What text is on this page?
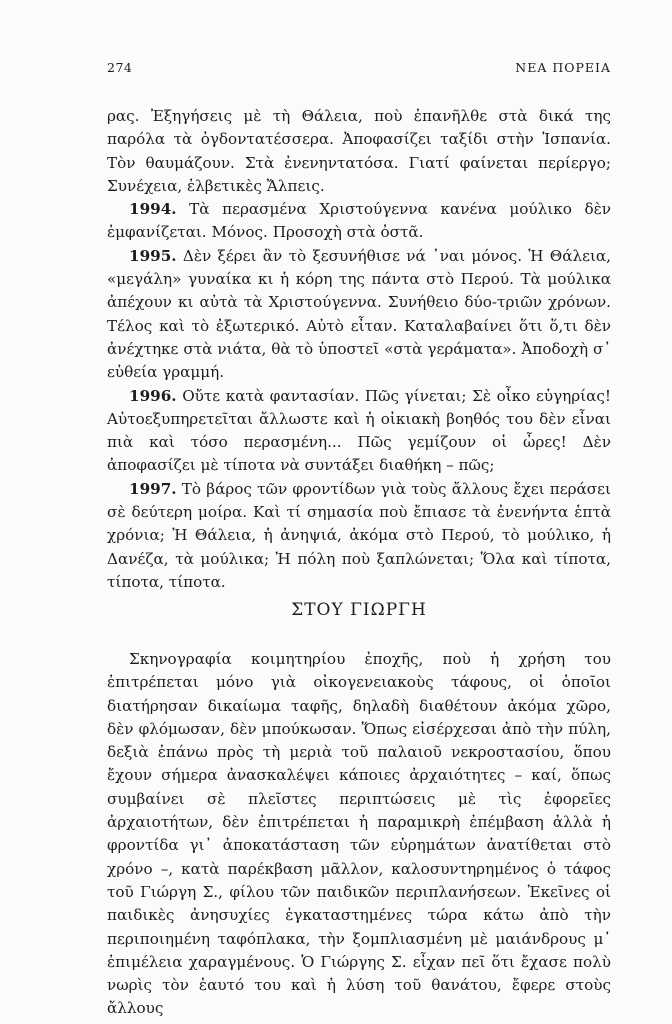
274	ΝΕΑ ΠΟΡΕΙΑ

ρας. Ἐξηγήσεις μὲ τὴ Θάλεια, ποὺ ἐπανῆλθε στὰ δικά της παρόλα τὰ ὀγδοντατέσσερα. Ἀποφασίζει ταξίδι στὴν Ἰσπανία. Τὸν θαυμάζουν. Στὰ ἐνενηντατόσα. Γιατί φαίνεται περίεργο; Συνέχεια, ἐλβετικὲς Ἄλπεις.

1994. Τὰ περασμένα Χριστούγεννα κανένα μούλικο δὲν ἐμφανίζεται. Μόνος. Προσοχὴ στὰ ὀστᾶ.

1995. Δὲν ξέρει ἂν τὸ ξεσυνήθισε νά ᾽ναι μόνος. Ἡ Θάλεια, «μεγάλη» γυναίκα κι ἡ κόρη της πάντα στὸ Περού. Τὰ μούλικα ἀπέχουν κι αὐτὰ τὰ Χριστούγεννα. Συνήθειο δύο-τριῶν χρόνων. Τέλος καὶ τὸ ἐξωτερικό. Αὐτὸ εἶταν. Καταλαβαίνει ὅτι ὅ,τι δὲν ἀνέχτηκε στὰ νιάτα, θὰ τὸ ὑποστεῖ «στὰ γεράματα». Ἀποδοχὴ σ᾽ εὐθεία γραμμή.

1996. Οὔτε κατὰ φαντασίαν. Πῶς γίνεται; Σὲ οἶκο εὐγηρίας! Αὐτοεξυπηρετεῖται ἄλλωστε καὶ ἡ οἰκιακὴ βοηθός του δὲν εἶναι πιὰ καὶ τόσο περασμένη... Πῶς γεμίζουν οἱ ὧρες! Δὲν ἀποφασίζει μὲ τίποτα νὰ συντάξει διαθήκη – πῶς;

1997. Τὸ βάρος τῶν φροντίδων γιὰ τοὺς ἄλλους ἔχει περάσει σὲ δεύτερη μοίρα. Καὶ τί σημασία ποὺ ἔπιασε τὰ ἐνενήντα ἑπτὰ χρόνια; Ἡ Θάλεια, ἡ ἀνηψιά, ἀκόμα στὸ Περού, τὸ μούλικο, ἡ Δανέζα, τὰ μούλικα; Ἡ πόλη ποὺ ξαπλώνεται; Ὅλα καὶ τίποτα, τίποτα, τίποτα.

ΣΤΟΥ ΓΙΩΡΓΗ

Σκηνογραφία κοιμητηρίου ἐποχῆς, ποὺ ἡ χρήση του ἐπιτρέπεται μόνο γιὰ οἰκογενειακοὺς τάφους, οἱ ὁποῖοι διατήρησαν δικαίωμα ταφῆς, δηλαδὴ διαθέτουν ἀκόμα χῶρο, δὲν φλόμωσαν, δὲν μπούκωσαν. Ὅπως εἰσέρχεσαι ἀπὸ τὴν πύλη, δεξιὰ ἐπάνω πρὸς τὴ μεριὰ τοῦ παλαιοῦ νεκροστασίου, ὅπου ἔχουν σήμερα ἀνασκαλέψει κάποιες ἀρχαιότητες – καί, ὅπως συμβαίνει σὲ πλεῖστες περιπτώσεις μὲ τὶς ἐφορεῖες ἀρχαιοτήτων, δὲν ἐπιτρέπεται ἡ παραμικρὴ ἐπέμβαση ἀλλὰ ἡ φροντίδα γι᾽ ἀποκατάσταση τῶν εὑρημάτων ἀνατίθεται στὸ χρόνο –, κατὰ παρέκβαση μᾶλλον, καλοσυντηρημένος ὁ τάφος τοῦ Γιώργη Σ., φίλου τῶν παιδικῶν περιπλανήσεων. Ἐκεῖνες οἱ παιδικὲς ἀνησυχίες ἐγκαταστημένες τώρα κάτω ἀπὸ τὴν περιποιημένη ταφόπλακα, τὴν ξομπλιασμένη μὲ μαιάνδρους μ᾽ ἐπιμέλεια χαραγμένους. Ὁ Γιώργης Σ. εἶχαν πεῖ ὅτι ἔχασε πολὺ νωρὶς τὸν ἑαυτό του καὶ ἡ λύση τοῦ θανάτου, ἔφερε στοὺς ἄλλους
